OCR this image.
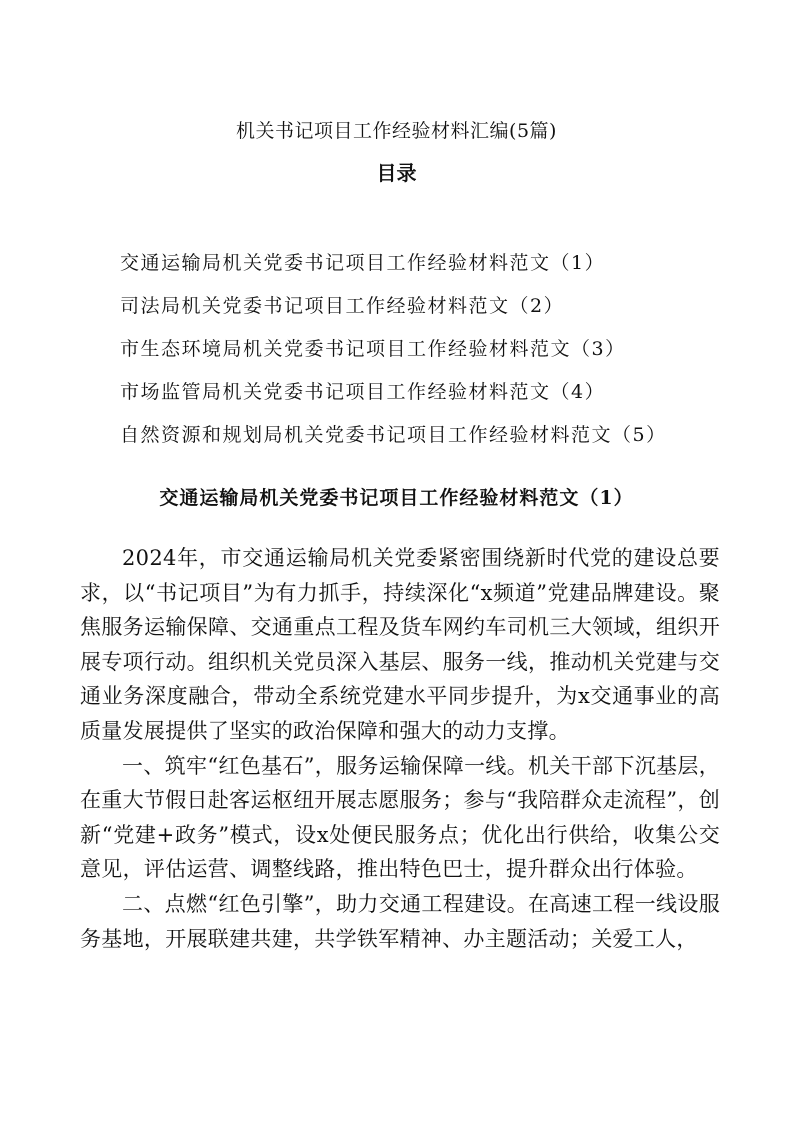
机关书记项目工作经验材料汇编(5篇)
目录
交通运输局机关党委书记项目工作经验材料范文（1）
司法局机关党委书记项目工作经验材料范文（2）
市生态环境局机关党委书记项目工作经验材料范文（3）
市场监管局机关党委书记项目工作经验材料范文（4）
自然资源和规划局机关党委书记项目工作经验材料范文（5）
交通运输局机关党委书记项目工作经验材料范文（1）

2024年，市交通运输局机关党委紧密围绕新时代党的建设总要求，以“书记项目”为有力抓手，持续深化“x频道”党建品牌建设。聚焦服务运输保障、交通重点工程及货车网约车司机三大领域，组织开展专项行动。组织机关党员深入基层、服务一线，推动机关党建与交通业务深度融合，带动全系统党建水平同步提升，为x交通事业的高质量发展提供了坚实的政治保障和强大的动力支撑。

一、筑牢“红色基石”，服务运输保障一线。机关干部下沉基层，在重大节假日赴客运枢纽开展志愿服务；参与“我陪群众走流程”，创新“党建+政务”模式，设x处便民服务点；优化出行供给，收集公交意见，评估运营、调整线路，推出特色巴士，提升群众出行体验。

二、点燃“红色引擎”，助力交通工程建设。在高速工程一线设服务基地，开展联建共建，共学铁军精神、办主题活动；关爱工人，
